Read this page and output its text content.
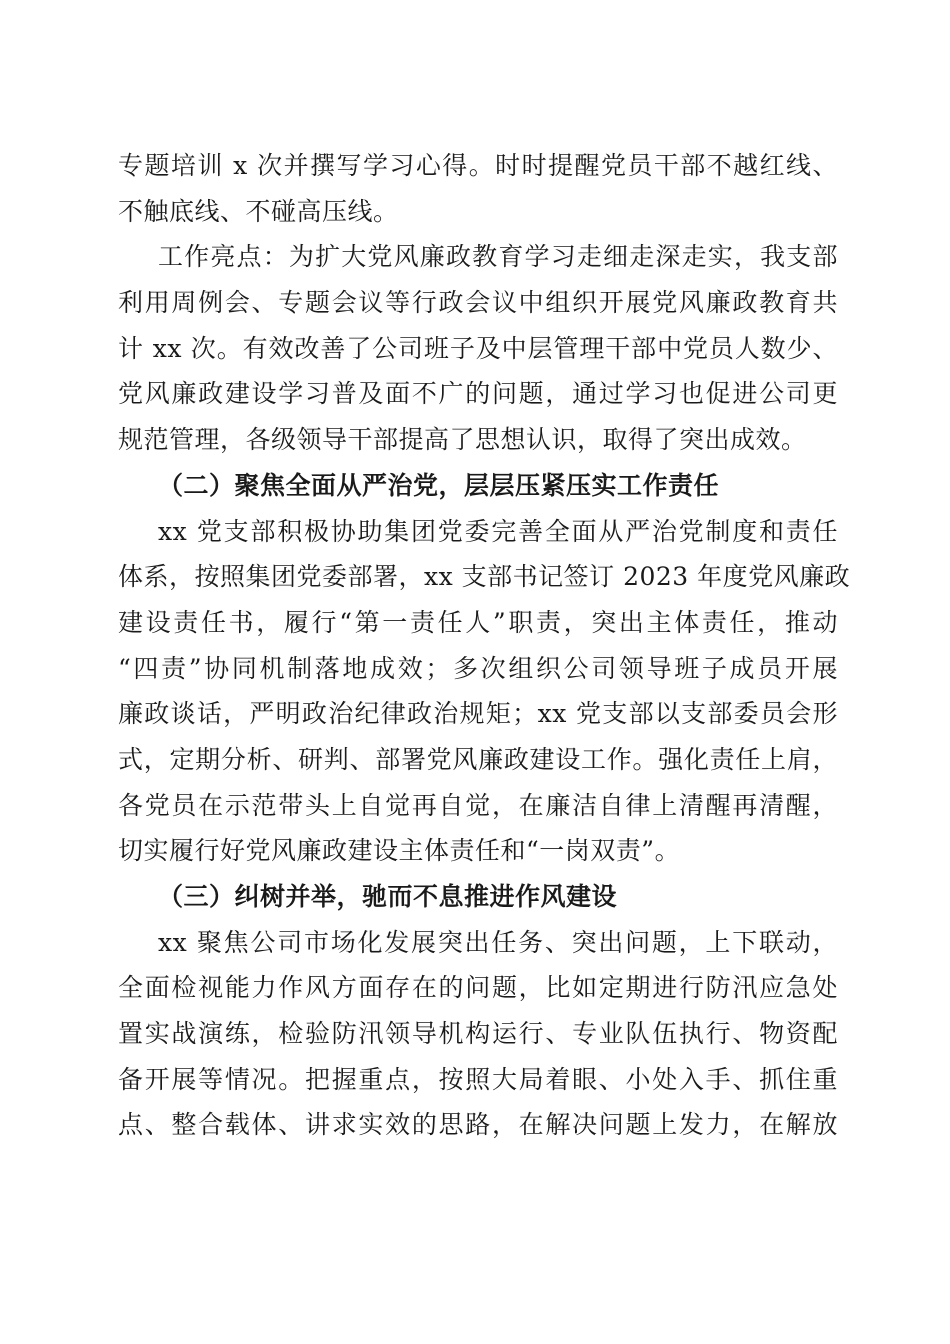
专题培训 x 次并撰写学习心得。时时提醒党员干部不越红线、
不触底线、不碰高压线。
工作亮点：为扩大党风廉政教育学习走细走深走实，我支部
利用周例会、专题会议等行政会议中组织开展党风廉政教育共
计 xx 次。有效改善了公司班子及中层管理干部中党员人数少、
党风廉政建设学习普及面不广的问题，通过学习也促进公司更
规范管理，各级领导干部提高了思想认识，取得了突出成效。
（二）聚焦全面从严治党，层层压紧压实工作责任
xx 党支部积极协助集团党委完善全面从严治党制度和责任
体系，按照集团党委部署，xx 支部书记签订 2023 年度党风廉政
建设责任书，履行“第一责任人”职责，突出主体责任，推动
“四责”协同机制落地成效；多次组织公司领导班子成员开展
廉政谈话，严明政治纪律政治规矩；xx 党支部以支部委员会形
式，定期分析、研判、部署党风廉政建设工作。强化责任上肩，
各党员在示范带头上自觉再自觉，在廉洁自律上清醒再清醒，
切实履行好党风廉政建设主体责任和“一岗双责”。
（三）纠树并举，驰而不息推进作风建设
xx 聚焦公司市场化发展突出任务、突出问题，上下联动，
全面检视能力作风方面存在的问题，比如定期进行防汛应急处
置实战演练，检验防汛领导机构运行、专业队伍执行、物资配
备开展等情况。把握重点，按照大局着眼、小处入手、抓住重
点、整合载体、讲求实效的思路，在解决问题上发力，在解放
